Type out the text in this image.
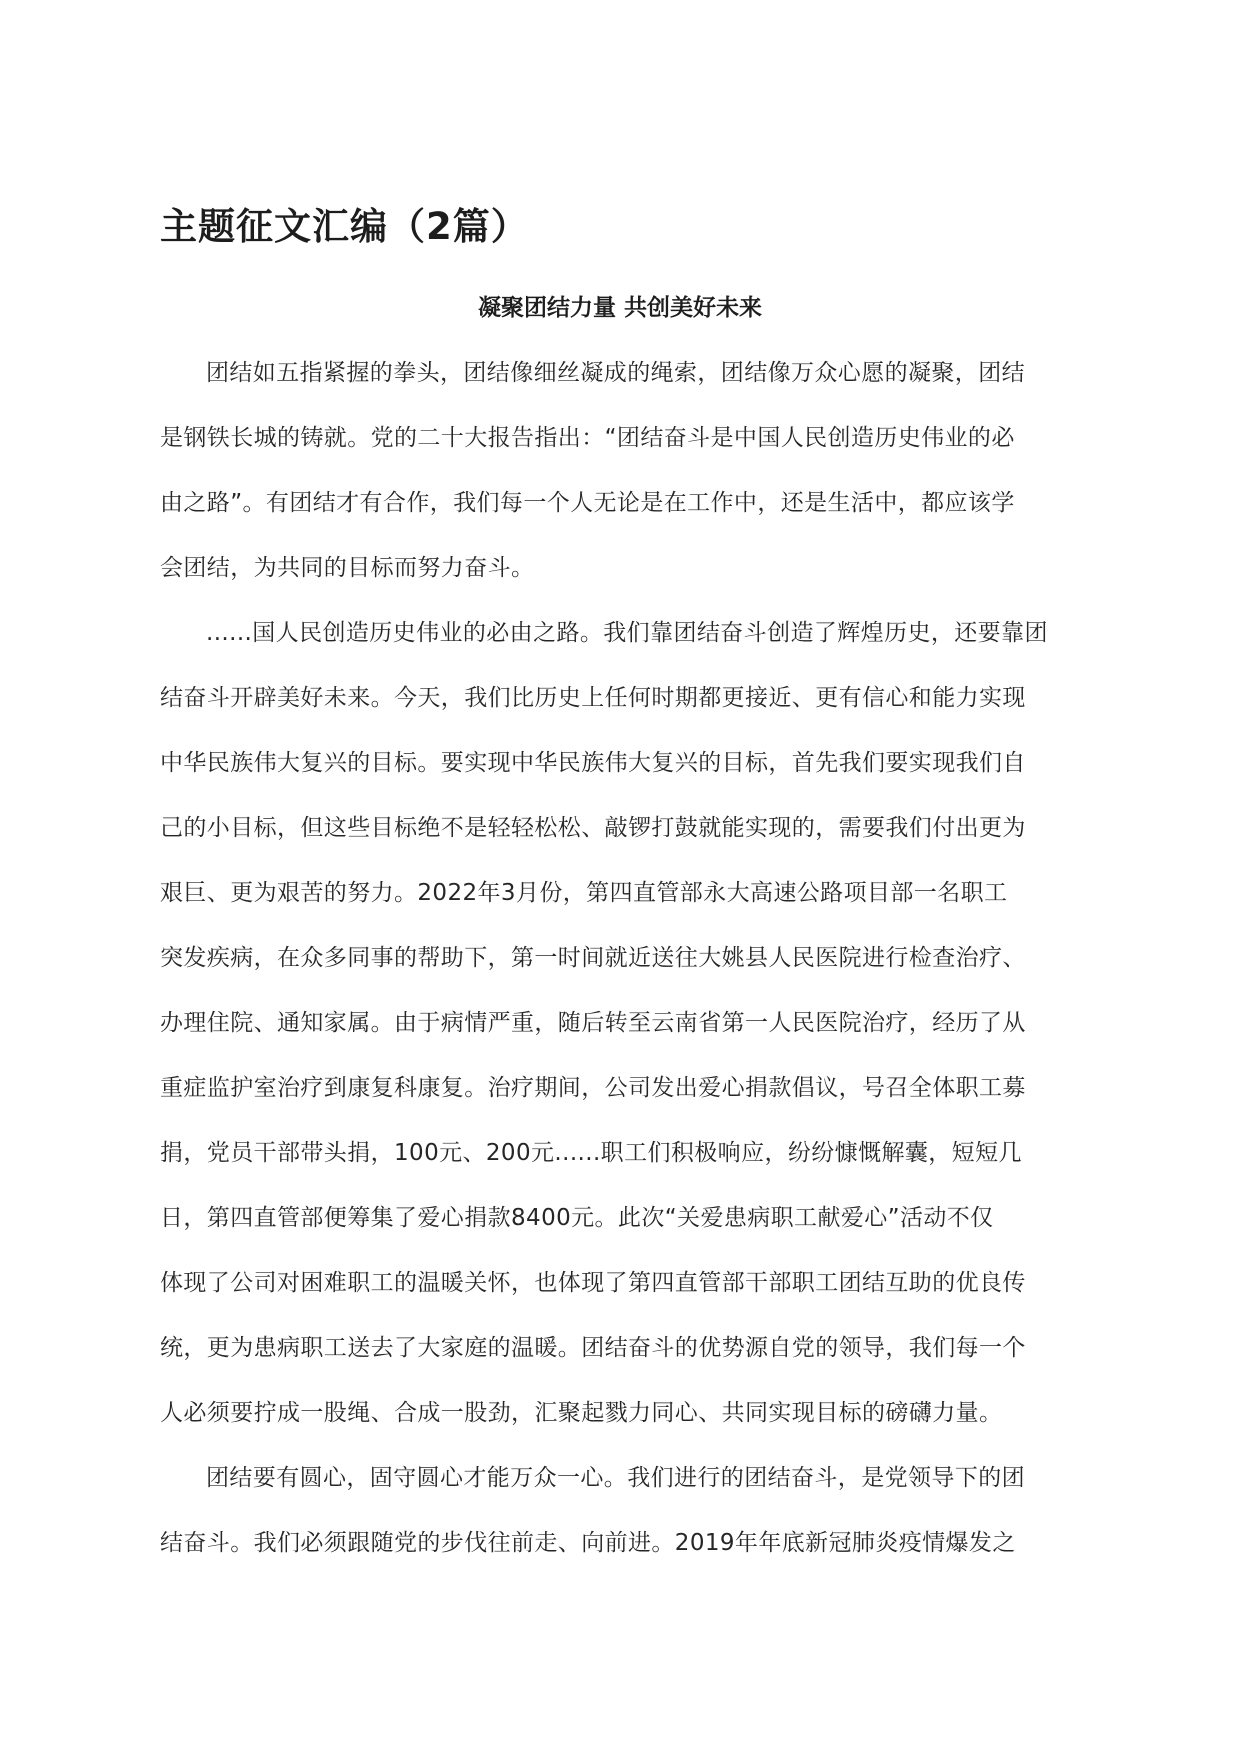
主题征文汇编（2篇）
凝聚团结力量 共创美好未来

团结如五指紧握的拳头，团结像细丝凝成的绳索，团结像万众心愿的凝聚，团结

是钢铁长城的铸就。党的二十大报告指出：“团结奋斗是中国人民创造历史伟业的必

由之路”。有团结才有合作，我们每一个人无论是在工作中，还是生活中，都应该学

会团结，为共同的目标而努力奋斗。

......国人民创造历史伟业的必由之路。我们靠团结奋斗创造了辉煌历史，还要靠团

结奋斗开辟美好未来。今天，我们比历史上任何时期都更接近、更有信心和能力实现

中华民族伟大复兴的目标。要实现中华民族伟大复兴的目标，首先我们要实现我们自

己的小目标，但这些目标绝不是轻轻松松、敲锣打鼓就能实现的，需要我们付出更为

艰巨、更为艰苦的努力。2022年3月份，第四直管部永大高速公路项目部一名职工

突发疾病，在众多同事的帮助下，第一时间就近送往大姚县人民医院进行检查治疗、

办理住院、通知家属。由于病情严重，随后转至云南省第一人民医院治疗，经历了从

重症监护室治疗到康复科康复。治疗期间，公司发出爱心捐款倡议，号召全体职工募

捐，党员干部带头捐，100元、200元......职工们积极响应，纷纷慷慨解囊，短短几

日，第四直管部便筹集了爱心捐款8400元。此次“关爱患病职工献爱心”活动不仅

体现了公司对困难职工的温暖关怀，也体现了第四直管部干部职工团结互助的优良传

统，更为患病职工送去了大家庭的温暖。团结奋斗的优势源自党的领导，我们每一个

人必须要拧成一股绳、合成一股劲，汇聚起戮力同心、共同实现目标的磅礴力量。

团结要有圆心，固守圆心才能万众一心。我们进行的团结奋斗，是党领导下的团

结奋斗。我们必须跟随党的步伐往前走、向前进。2019年年底新冠肺炎疫情爆发之
